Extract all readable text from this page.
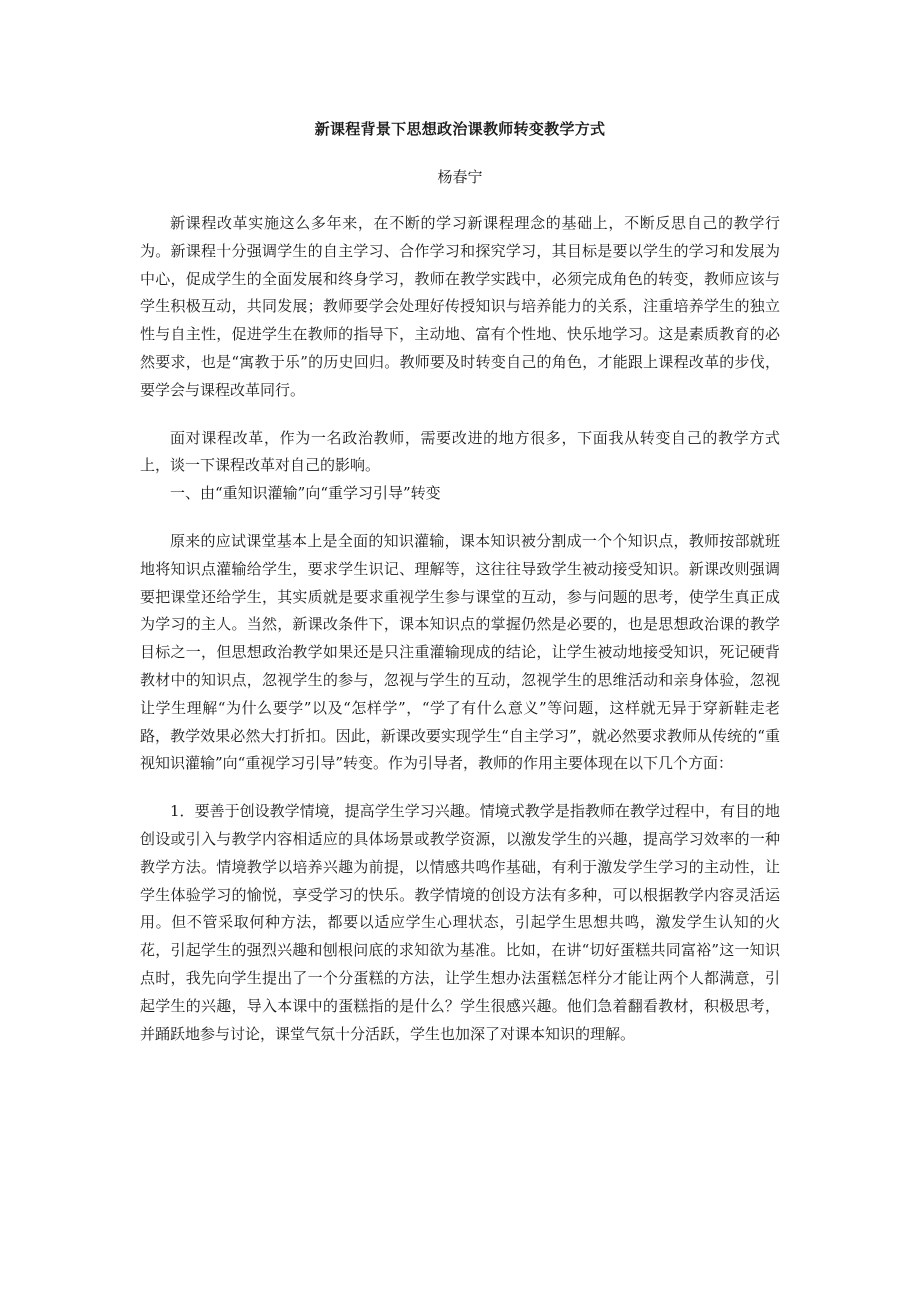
新课程背景下思想政治课教师转变教学方式
杨春宁

新课程改革实施这么多年来，在不断的学习新课程理念的基础上，不断反思自己的教学行为。新课程十分强调学生的自主学习、合作学习和探究学习，其目标是要以学生的学习和发展为中心，促成学生的全面发展和终身学习，教师在教学实践中，必须完成角色的转变，教师应该与学生积极互动，共同发展；教师要学会处理好传授知识与培养能力的关系，注重培养学生的独立性与自主性，促进学生在教师的指导下，主动地、富有个性地、快乐地学习。这是素质教育的必然要求，也是“寓教于乐”的历史回归。教师要及时转变自己的角色，才能跟上课程改革的步伐，要学会与课程改革同行。

面对课程改革，作为一名政治教师，需要改进的地方很多，下面我从转变自己的教学方式上，谈一下课程改革对自己的影响。

一、由“重知识灌输”向“重学习引导”转变

原来的应试课堂基本上是全面的知识灌输，课本知识被分割成一个个知识点，教师按部就班地将知识点灌输给学生，要求学生识记、理解等，这往往导致学生被动接受知识。新课改则强调要把课堂还给学生，其实质就是要求重视学生参与课堂的互动，参与问题的思考，使学生真正成为学习的主人。当然，新课改条件下，课本知识点的掌握仍然是必要的，也是思想政治课的教学目标之一，但思想政治教学如果还是只注重灌输现成的结论，让学生被动地接受知识，死记硬背教材中的知识点，忽视学生的参与，忽视与学生的互动，忽视学生的思维活动和亲身体验，忽视让学生理解“为什么要学”以及“怎样学”，“学了有什么意义”等问题，这样就无异于穿新鞋走老路，教学效果必然大打折扣。因此，新课改要实现学生“自主学习”，就必然要求教师从传统的“重视知识灌输”向“重视学习引导”转变。作为引导者，教师的作用主要体现在以下几个方面：

1．要善于创设教学情境，提高学生学习兴趣。情境式教学是指教师在教学过程中，有目的地创设或引入与教学内容相适应的具体场景或教学资源，以激发学生的兴趣，提高学习效率的一种教学方法。情境教学以培养兴趣为前提，以情感共鸣作基础，有利于激发学生学习的主动性，让学生体验学习的愉悦，享受学习的快乐。教学情境的创设方法有多种，可以根据教学内容灵活运用。但不管采取何种方法，都要以适应学生心理状态，引起学生思想共鸣，激发学生认知的火花，引起学生的强烈兴趣和刨根问底的求知欲为基准。比如，在讲“切好蛋糕共同富裕”这一知识点时，我先向学生提出了一个分蛋糕的方法，让学生想办法蛋糕怎样分才能让两个人都满意，引起学生的兴趣，导入本课中的蛋糕指的是什么？学生很感兴趣。他们急着翻看教材，积极思考，并踊跃地参与讨论，课堂气氛十分活跃，学生也加深了对课本知识的理解。
